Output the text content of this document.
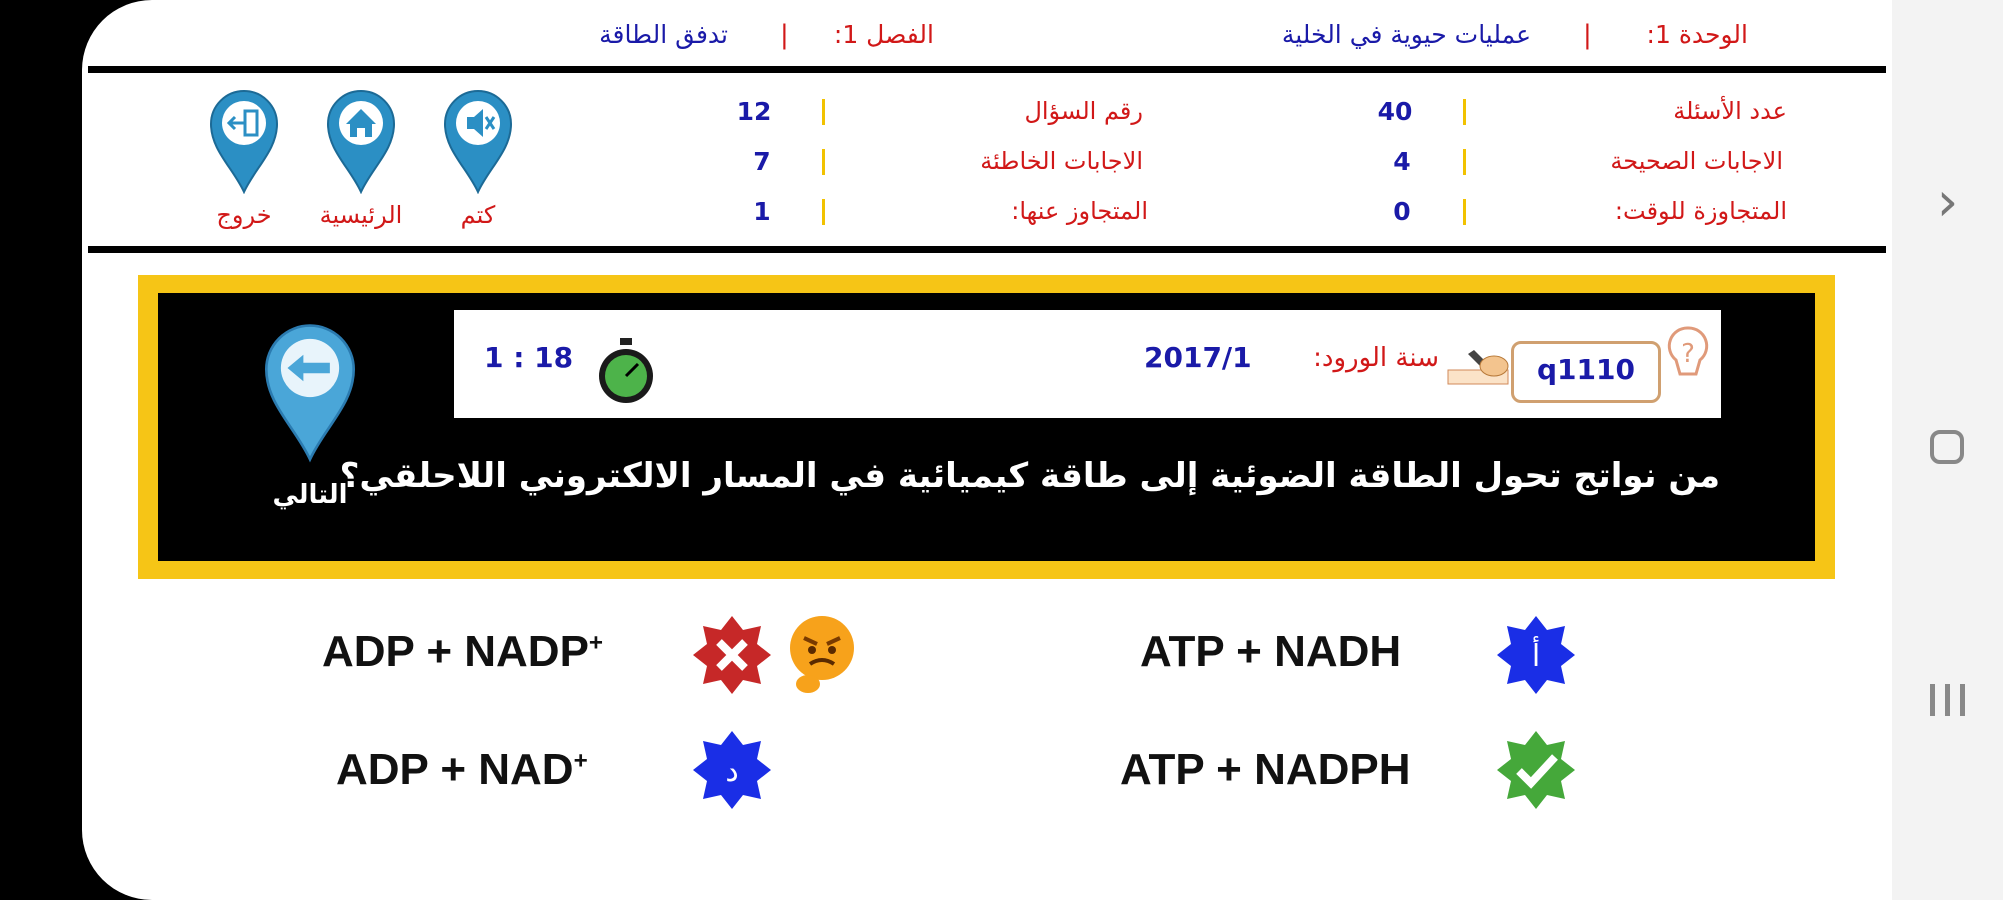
›
الوحدة 1:
|
عمليات حيوية في الخلية
الفصل 1:
|
تدفق الطاقة
عدد الأسئلة
40
رقم السؤال
12
الاجابات الصحيحة
4
الاجابات الخاطئة
7
المتجاوزة للوقت:
0
المتجاوز عنها:
1
كتم
الرئيسية
خروج
1 : 18	2017/1 سنة الورود:	?
q1110
من نواتج تحول الطاقة الضوئية إلى طاقة كيميائية في المسار الالكتروني اللاحلقي؟
التالي
ATP + NADH	أ
ADP + NADP+
ATP + NADPH
ADP + NAD+	د
